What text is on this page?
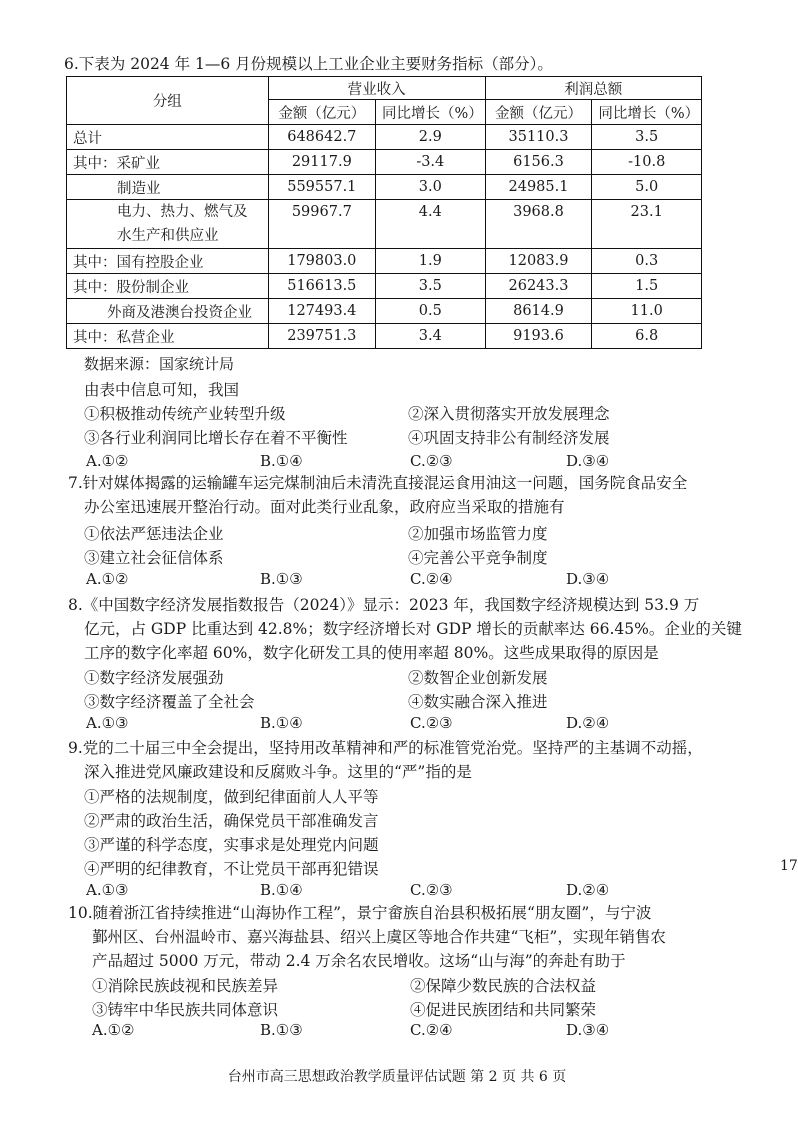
6.下表为 2024 年 1—6 月份规模以上工业企业主要财务指标（部分）。
分组	营业收入		利润总额	
	金额（亿元）	同比增长（%）	金额（亿元）	同比增长（%）
总计	648642.7	2.9	35110.3	3.5
其中：采矿业	29117.9	-3.4	6156.3	-10.8
制造业	559557.1	3.0	24985.1	5.0
电力、热力、燃气及水生产和供应业	59967.7	4.4	3968.8	23.1
其中：国有控股企业	179803.0	1.9	12083.9	0.3
其中：股份制企业	516613.5	3.5	26243.3	1.5
外商及港澳台投资企业	127493.4	0.5	8614.9	11.0
其中：私营企业	239751.3	3.4	9193.6	6.8
数据来源：国家统计局
由表中信息可知，我国
①积极推动传统产业转型升级	②深入贯彻落实开放发展理念
③各行业利润同比增长存在着不平衡性	④巩固支持非公有制经济发展
A.①②	B.①④	C.②③	D.③④
7.针对媒体揭露的运输罐车运完煤制油后未清洗直接混运食用油这一问题，国务院食品安全
办公室迅速展开整治行动。面对此类行业乱象，政府应当采取的措施有
①依法严惩违法企业	②加强市场监管力度
③建立社会征信体系	④完善公平竞争制度
A.①②	B.①③	C.②④	D.③④
8.《中国数字经济发展指数报告（2024）》显示：2023 年，我国数字经济规模达到 53.9 万
亿元，占 GDP 比重达到 42.8%；数字经济增长对 GDP 增长的贡献率达 66.45%。企业的关键
工序的数字化率超 60%，数字化研发工具的使用率超 80%。这些成果取得的原因是
①数字经济发展强劲	②数智企业创新发展
③数字经济覆盖了全社会	④数实融合深入推进
A.①③	B.①④	C.②③	D.②④
9.党的二十届三中全会提出，坚持用改革精神和严的标准管党治党。坚持严的主基调不动摇，
深入推进党风廉政建设和反腐败斗争。这里的“严”指的是
①严格的法规制度，做到纪律面前人人平等
②严肃的政治生活，确保党员干部准确发言
③严谨的科学态度，实事求是处理党内问题
④严明的纪律教育，不让党员干部再犯错误
A.①③	B.①④	C.②③	D.②④
10.随着浙江省持续推进“山海协作工程”，景宁畲族自治县积极拓展“朋友圈”，与宁波
鄞州区、台州温岭市、嘉兴海盐县、绍兴上虞区等地合作共建“飞柜”，实现年销售农
产品超过 5000 万元，带动 2.4 万余名农民增收。这场“山与海”的奔赴有助于
①消除民族歧视和民族差异	②保障少数民族的合法权益
③铸牢中华民族共同体意识	④促进民族团结和共同繁荣
A.①②	B.①③	C.②④	D.③④
台州市高三思想政治教学质量评估试题 第 2 页 共 6 页
17
